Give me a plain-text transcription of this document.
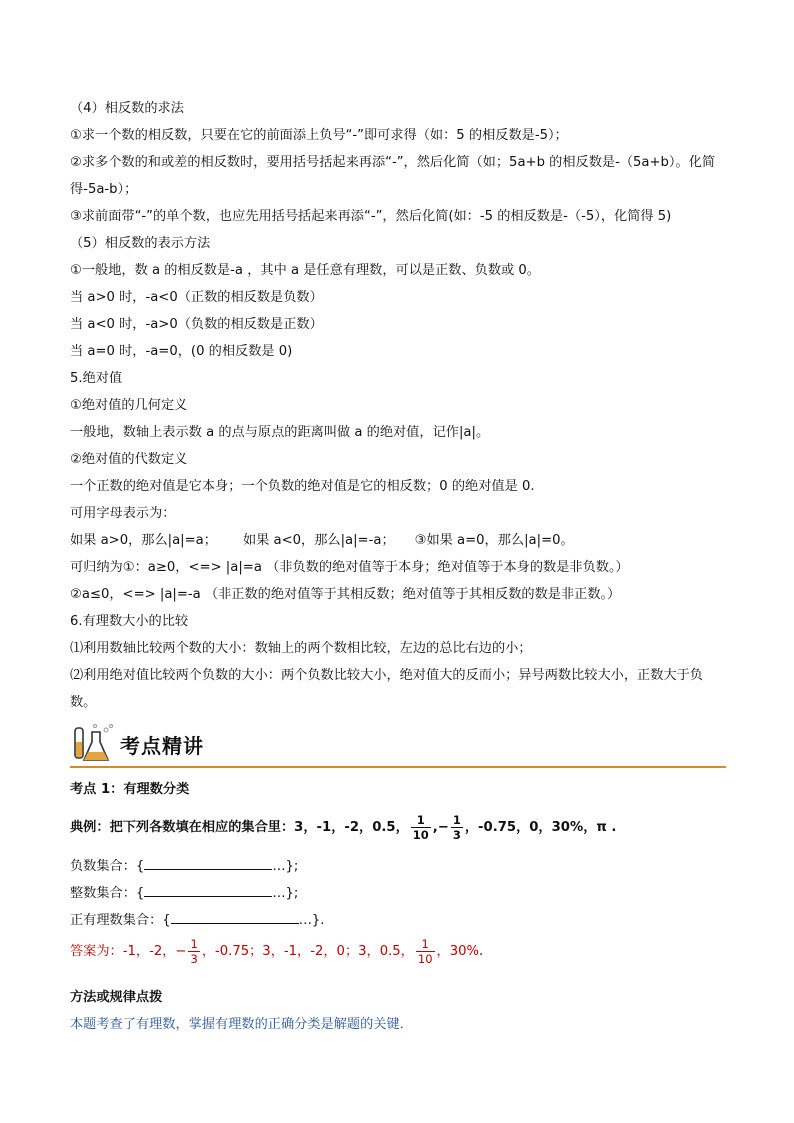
（4）相反数的求法
①求一个数的相反数，只要在它的前面添上负号“-”即可求得（如：5 的相反数是-5）；
②求多个数的和或差的相反数时，要用括号括起来再添“-”，然后化简（如；5a+b 的相反数是-（5a+b）。化简得-5a-b）；
③求前面带“-”的单个数，也应先用括号括起来再添“-”，然后化简(如：-5 的相反数是-（-5），化简得 5)
（5）相反数的表示方法
①一般地，数 a 的相反数是-a ，其中 a 是任意有理数，可以是正数、负数或 0。
当 a>0 时，-a<0（正数的相反数是负数）
当 a<0 时，-a>0（负数的相反数是正数）
当 a=0 时，-a=0，(0 的相反数是 0)
5.绝对值
①绝对值的几何定义
一般地，数轴上表示数 a 的点与原点的距离叫做 a 的绝对值，记作|a|。
②绝对值的代数定义
一个正数的绝对值是它本身；一个负数的绝对值是它的相反数；0 的绝对值是 0.
可用字母表示为：
如果 a>0，那么|a|=a； 如果 a<0，那么|a|=-a； ③如果 a=0，那么|a|=0。
可归纳为①：a≥0，<=> |a|=a （非负数的绝对值等于本身；绝对值等于本身的数是非负数。）
②a≤0，<=> |a|=-a （非正数的绝对值等于其相反数；绝对值等于其相反数的数是非正数。）
6.有理数大小的比较
⑴利用数轴比较两个数的大小：数轴上的两个数相比较，左边的总比右边的小；
⑵利用绝对值比较两个负数的大小：两个负数比较大小，绝对值大的反而小；异号两数比较大小，正数大于负数。
考点精讲
考点 1：有理数分类
典例：把下列各数填在相应的集合里：3，-1，-2，0.5， $\frac{1}{10}$ ,− $\frac{1}{3}$ ，-0.75，0，30%，π .
负数集合：{	…};
整数集合：{	…};
正有理数集合：{	…}.
答案为：-1，-2，− $\frac{1}{3}$ ，-0.75；3，-1，-2，0；3，0.5， $\frac{1}{10}$ ，30%.
方法或规律点拨
本题考查了有理数，掌握有理数的正确分类是解题的关键．
